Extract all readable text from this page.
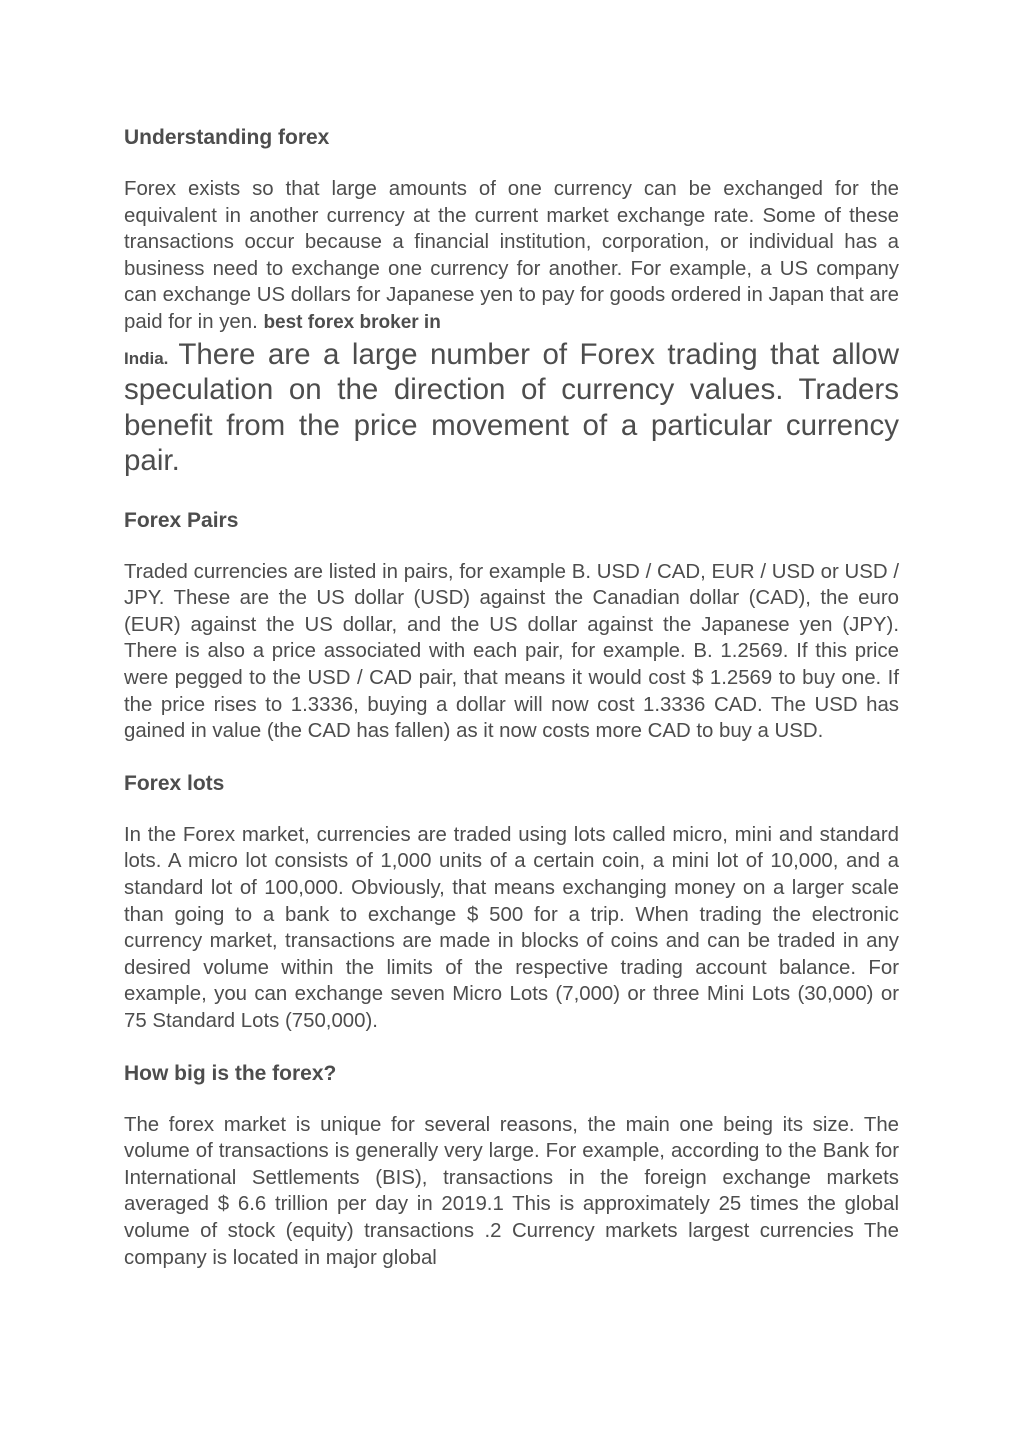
Understanding forex

Forex exists so that large amounts of one currency can be exchanged for the equivalent in another currency at the current market exchange rate. Some of these transactions occur because a financial institution, corporation, or individual has a business need to exchange one currency for another. For example, a US company can exchange US dollars for Japanese yen to pay for goods ordered in Japan that are paid for in yen. best forex broker in
India. There are a large number of Forex trading that allow speculation on the direction of currency values. Traders benefit from the price movement of a particular currency pair.

Forex Pairs

Traded currencies are listed in pairs, for example B. USD / CAD, EUR / USD or USD / JPY. These are the US dollar (USD) against the Canadian dollar (CAD), the euro (EUR) against the US dollar, and the US dollar against the Japanese yen (JPY). There is also a price associated with each pair, for example. B. 1.2569. If this price were pegged to the USD / CAD pair, that means it would cost $ 1.2569 to buy one. If the price rises to 1.3336, buying a dollar will now cost 1.3336 CAD. The USD has gained in value (the CAD has fallen) as it now costs more CAD to buy a USD.

Forex lots

In the Forex market, currencies are traded using lots called micro, mini and standard lots. A micro lot consists of 1,000 units of a certain coin, a mini lot of 10,000, and a standard lot of 100,000. Obviously, that means exchanging money on a larger scale than going to a bank to exchange $ 500 for a trip. When trading the electronic currency market, transactions are made in blocks of coins and can be traded in any desired volume within the limits of the respective trading account balance. For example, you can exchange seven Micro Lots (7,000) or three Mini Lots (30,000) or 75 Standard Lots (750,000).

How big is the forex?

The forex market is unique for several reasons, the main one being its size. The volume of transactions is generally very large. For example, according to the Bank for International Settlements (BIS), transactions in the foreign exchange markets averaged $ 6.6 trillion per day in 2019.1 This is approximately 25 times the global volume of stock (equity) transactions .2 Currency markets largest currencies The company is located in major global
